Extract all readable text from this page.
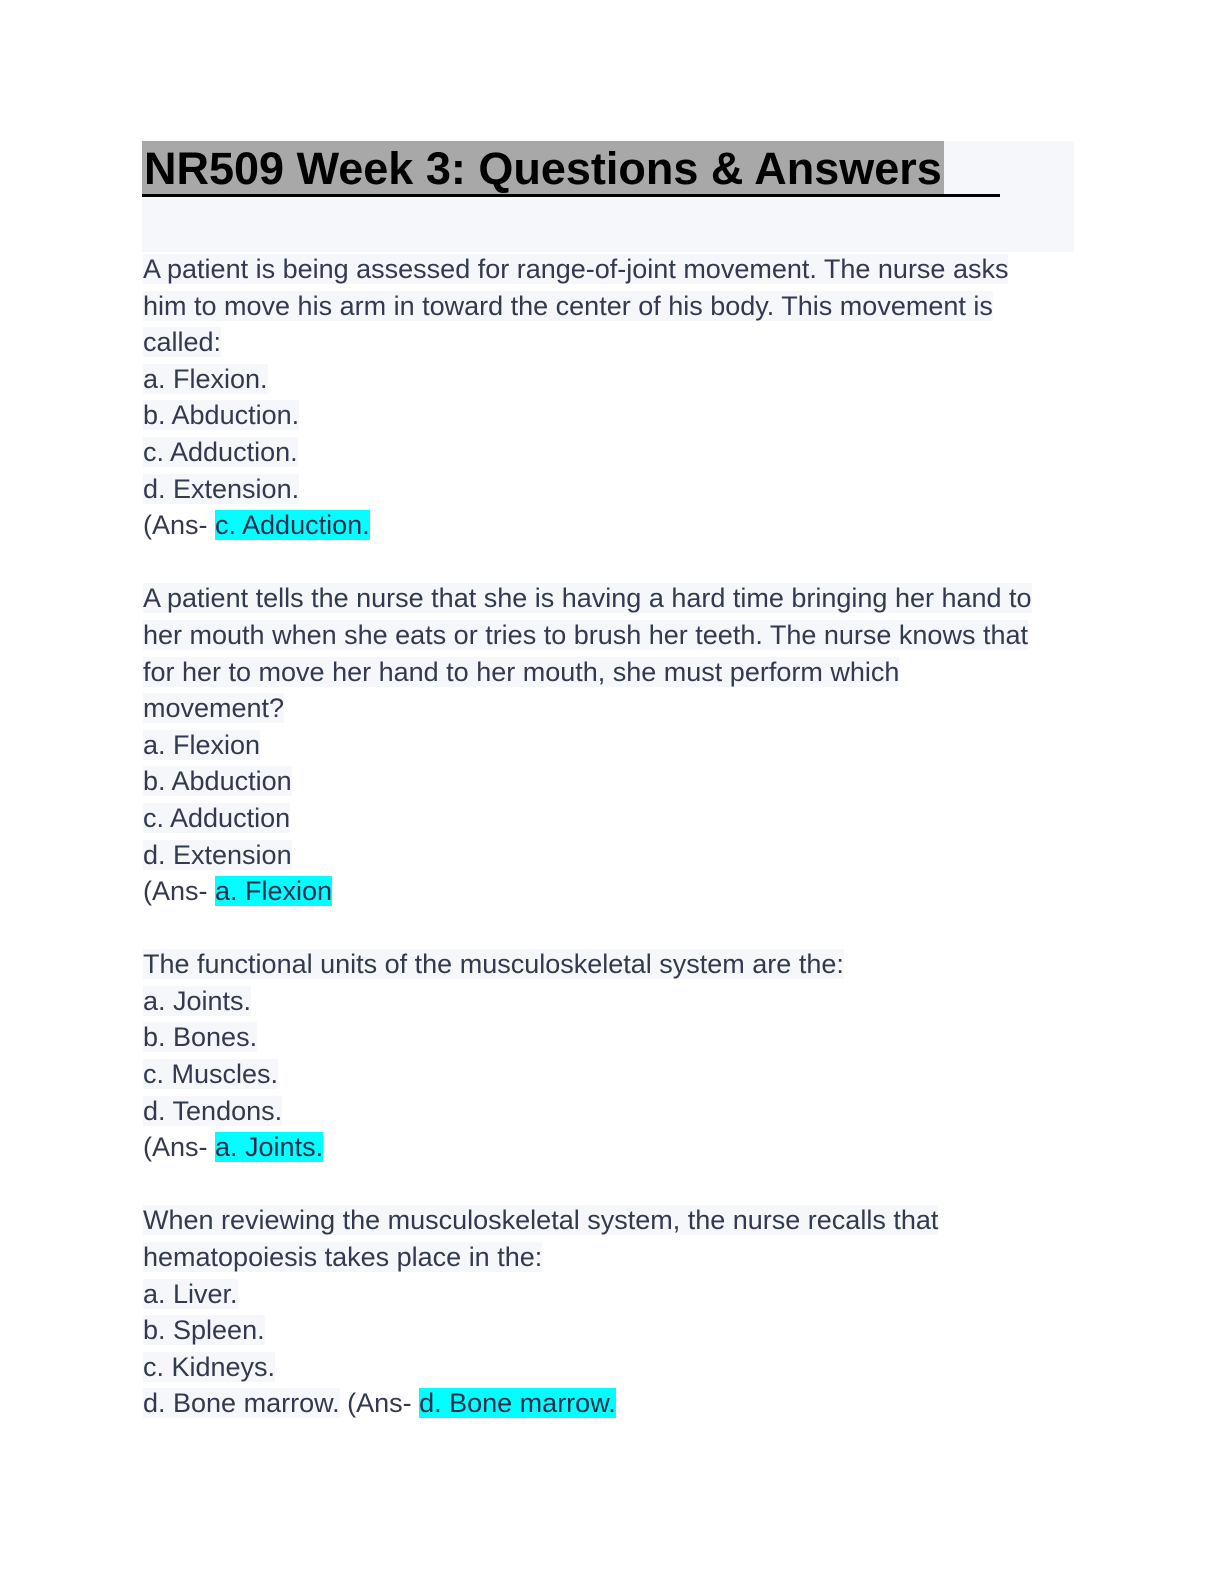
NR509 Week 3: Questions & Answers
A patient is being assessed for range-of-joint movement. The nurse asks
him to move his arm in toward the center of his body. This movement is
called:
a. Flexion.
b. Abduction.
c. Adduction.
d. Extension.
(Ans- c. Adduction.
A patient tells the nurse that she is having a hard time bringing her hand to
her mouth when she eats or tries to brush her teeth. The nurse knows that
for her to move her hand to her mouth, she must perform which
movement?
a. Flexion
b. Abduction
c. Adduction
d. Extension
(Ans- a. Flexion
The functional units of the musculoskeletal system are the:
a. Joints.
b. Bones.
c. Muscles.
d. Tendons.
(Ans- a. Joints.
When reviewing the musculoskeletal system, the nurse recalls that
hematopoiesis takes place in the:
a. Liver.
b. Spleen.
c. Kidneys.
d. Bone marrow. (Ans- d. Bone marrow.
